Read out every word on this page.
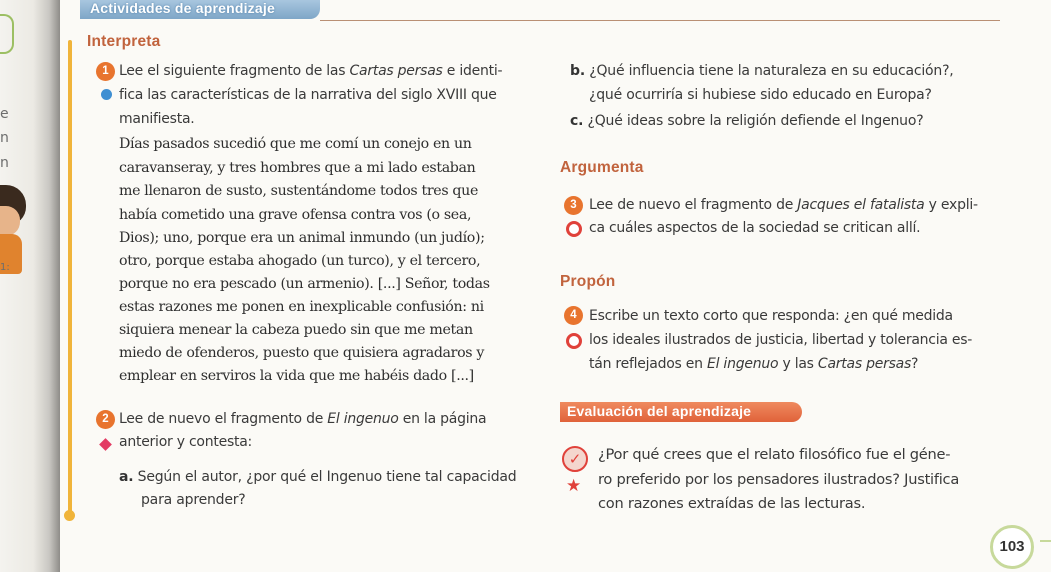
e
n
n
1:
Actividades de aprendizaje
Interpreta
1 Lee el siguiente fragmento de las Cartas persas e identi-
fica las características de la narrativa del siglo XVIII que
manifiesta.
Días pasados sucedió que me comí un conejo en un
caravanseray, y tres hombres que a mi lado estaban
me llenaron de susto, sustentándome todos tres que
había cometido una grave ofensa contra vos (o sea,
Dios); uno, porque era un animal inmundo (un judío);
otro, porque estaba ahogado (un turco), y el tercero,
porque no era pescado (un armenio). [...] Señor, todas
estas razones me ponen en inexplicable confusión: ni
siquiera menear la cabeza puedo sin que me metan
miedo de ofenderos, puesto que quisiera agradaros y
emplear en serviros la vida que me habéis dado [...]
2 Lee de nuevo el fragmento de El ingenuo en la página
anterior y contesta:
a. Según el autor, ¿por qué el Ingenuo tiene tal capacidad
para aprender?
b. ¿Qué influencia tiene la naturaleza en su educación?,
¿qué ocurriría si hubiese sido educado en Europa?
c. ¿Qué ideas sobre la religión defiende el Ingenuo?
Argumenta
3 Lee de nuevo el fragmento de Jacques el fatalista y expli-
ca cuáles aspectos de la sociedad se critican allí.
Propón
4 Escribe un texto corto que responda: ¿en qué medida
los ideales ilustrados de justicia, libertad y tolerancia es-
tán reflejados en El ingenuo y las Cartas persas?
Evaluación del aprendizaje
✓
★
¿Por qué crees que el relato filosófico fue el géne-
ro preferido por los pensadores ilustrados? Justifica
con razones extraídas de las lecturas.
103
